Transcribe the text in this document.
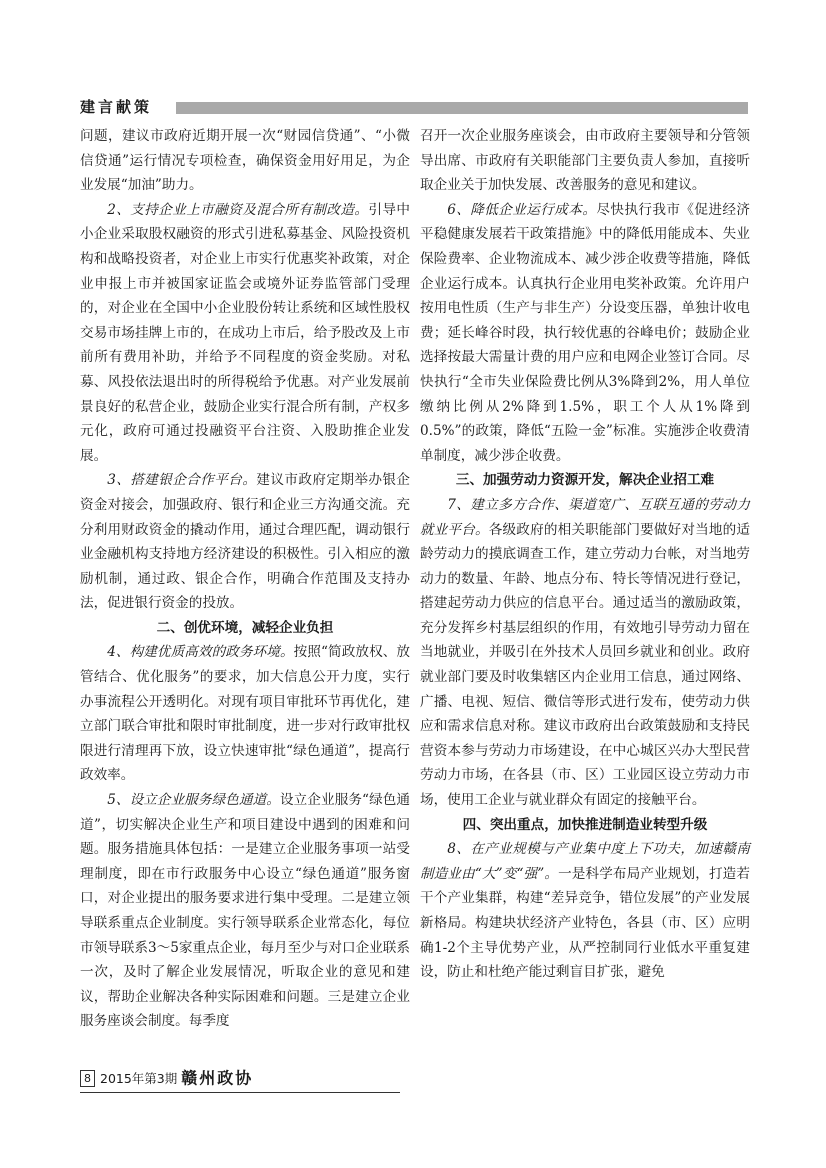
建言献策

问题，建议市政府近期开展一次“财园信贷通”、“小微信贷通”运行情况专项检查，确保资金用好用足，为企业发展“加油”助力。

2、支持企业上市融资及混合所有制改造。引导中小企业采取股权融资的形式引进私募基金、风险投资机构和战略投资者，对企业上市实行优惠奖补政策，对企业申报上市并被国家证监会或境外证券监管部门受理的，对企业在全国中小企业股份转让系统和区域性股权交易市场挂牌上市的，在成功上市后，给予股改及上市前所有费用补助，并给予不同程度的资金奖励。对私募、风投依法退出时的所得税给予优惠。对产业发展前景良好的私营企业，鼓励企业实行混合所有制，产权多元化，政府可通过投融资平台注资、入股助推企业发展。

3、搭建银企合作平台。建议市政府定期举办银企资金对接会，加强政府、银行和企业三方沟通交流。充分利用财政资金的撬动作用，通过合理匹配，调动银行业金融机构支持地方经济建设的积极性。引入相应的激励机制，通过政、银企合作，明确合作范围及支持办法，促进银行资金的投放。

二、创优环境，减轻企业负担

4、构建优质高效的政务环境。按照“简政放权、放管结合、优化服务”的要求，加大信息公开力度，实行办事流程公开透明化。对现有项目审批环节再优化，建立部门联合审批和限时审批制度，进一步对行政审批权限进行清理再下放，设立快速审批“绿色通道”，提高行政效率。

5、设立企业服务绿色通道。设立企业服务“绿色通道”，切实解决企业生产和项目建设中遇到的困难和问题。服务措施具体包括：一是建立企业服务事项一站受理制度，即在市行政服务中心设立“绿色通道”服务窗口，对企业提出的服务要求进行集中受理。二是建立领导联系重点企业制度。实行领导联系企业常态化，每位市领导联系3～5家重点企业，每月至少与对口企业联系一次，及时了解企业发展情况，听取企业的意见和建议，帮助企业解决各种实际困难和问题。三是建立企业服务座谈会制度。每季度

召开一次企业服务座谈会，由市政府主要领导和分管领导出席、市政府有关职能部门主要负责人参加，直接听取企业关于加快发展、改善服务的意见和建议。

6、降低企业运行成本。尽快执行我市《促进经济平稳健康发展若干政策措施》中的降低用能成本、失业保险费率、企业物流成本、减少涉企收费等措施，降低企业运行成本。认真执行企业用电奖补政策。允许用户按用电性质（生产与非生产）分设变压器，单独计收电费；延长峰谷时段，执行较优惠的谷峰电价；鼓励企业选择按最大需量计费的用户应和电网企业签订合同。尽快执行“全市失业保险费比例从3%降到2%，用人单位缴纳比例从2%降到1.5%，职工个人从1%降到0.5%”的政策，降低“五险一金”标准。实施涉企收费清单制度，减少涉企收费。

三、加强劳动力资源开发，解决企业招工难

7、建立多方合作、渠道宽广、互联互通的劳动力就业平台。各级政府的相关职能部门要做好对当地的适龄劳动力的摸底调查工作，建立劳动力台帐，对当地劳动力的数量、年龄、地点分布、特长等情况进行登记，搭建起劳动力供应的信息平台。通过适当的激励政策，充分发挥乡村基层组织的作用，有效地引导劳动力留在当地就业，并吸引在外技术人员回乡就业和创业。政府就业部门要及时收集辖区内企业用工信息，通过网络、广播、电视、短信、微信等形式进行发布，使劳动力供应和需求信息对称。建议市政府出台政策鼓励和支持民营资本参与劳动力市场建设，在中心城区兴办大型民营劳动力市场，在各县（市、区）工业园区设立劳动力市场，使用工企业与就业群众有固定的接触平台。

四、突出重点，加快推进制造业转型升级

8、在产业规模与产业集中度上下功夫，加速赣南制造业由“大”变“强”。一是科学布局产业规划，打造若干个产业集群，构建“差异竞争，错位发展”的产业发展新格局。构建块状经济产业特色，各县（市、区）应明确1-2个主导优势产业，从严控制同行业低水平重复建设，防止和杜绝产能过剩盲目扩张，避免

8 2015年第3期 赣州政协
